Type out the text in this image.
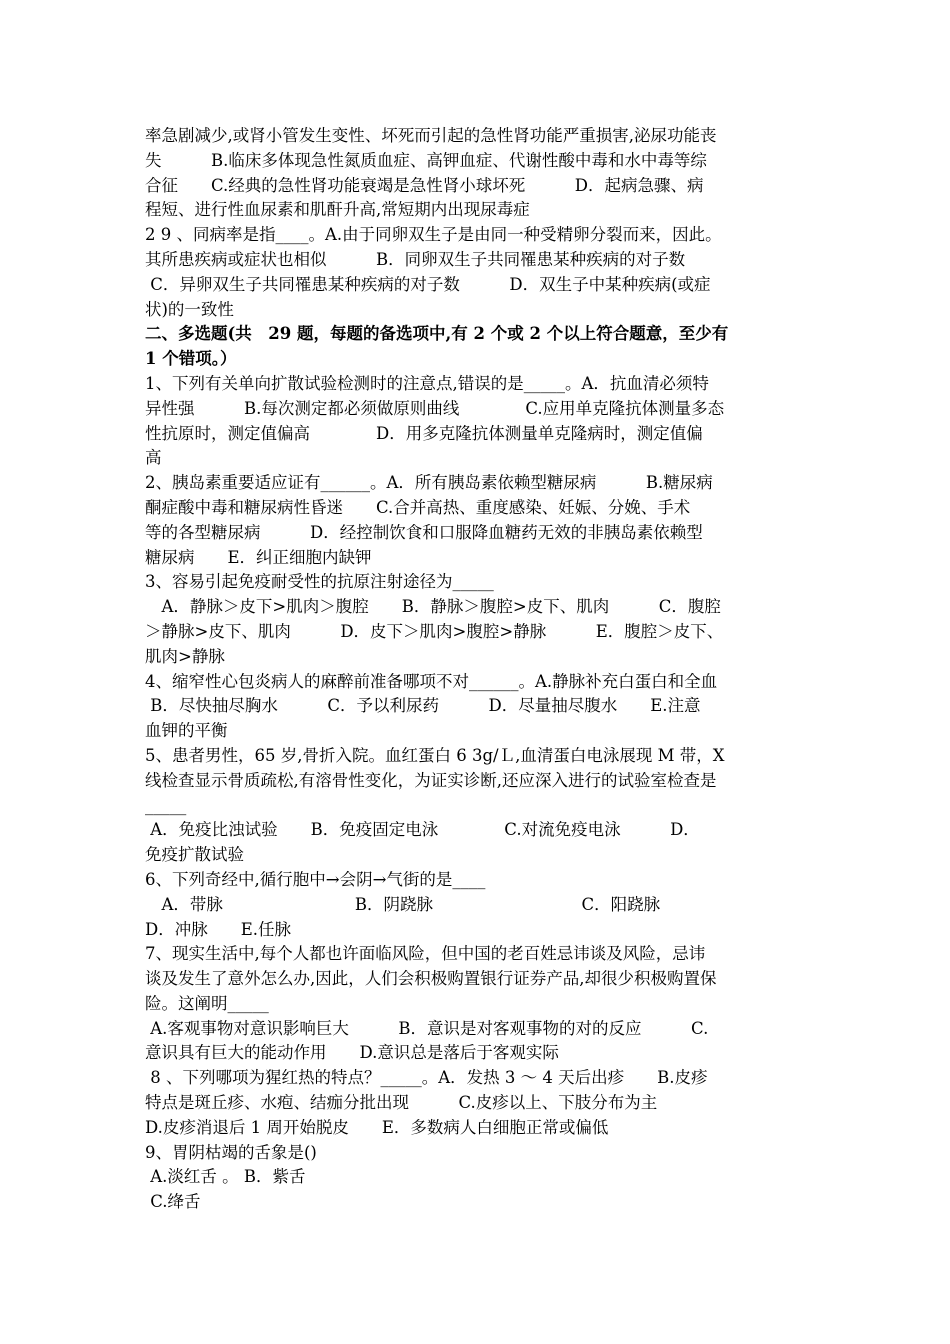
率急剧减少,或肾小管发生变性、坏死而引起的急性肾功能严重损害,泌尿功能丧
失　　　B.临床多体现急性氮质血症、高钾血症、代谢性酸中毒和水中毒等综
合征　　C.经典的急性肾功能衰竭是急性肾小球坏死　　　D．起病急骤、病
程短、进行性血尿素和肌酐升高,常短期内出现尿毒症
2 9 、同病率是指____。A.由于同卵双生子是由同一种受精卵分裂而来，因此。
其所患疾病或症状也相似　　　B．同卵双生子共同罹患某种疾病的对子数
C．异卵双生子共同罹患某种疾病的对子数　　　D．双生子中某种疾病(或症
状)的一致性
二、多选题(共　29 题，每题的备选项中,有 2 个或 2 个以上符合题意，至少有
1 个错项。）
1、下列有关单向扩散试验检测时的注意点,错误的是_____。A．抗血清必须特
异性强　　　B.每次测定都必须做原则曲线　　　　C.应用单克隆抗体测量多态
性抗原时，测定值偏高　　　　D．用多克隆抗体测量单克隆病时，测定值偏
高
2、胰岛素重要适应证有______。A．所有胰岛素依赖型糖尿病　　　B.糖尿病
酮症酸中毒和糖尿病性昏迷　　C.合并高热、重度感染、妊娠、分娩、手术
等的各型糖尿病　　　D．经控制饮食和口服降血糖药无效的非胰岛素依赖型
糖尿病　　E．纠正细胞内缺钾
3、容易引起免疫耐受性的抗原注射途径为_____
　A．静脉＞皮下>肌肉＞腹腔　　B．静脉＞腹腔>皮下、肌肉　　　C．腹腔
＞静脉>皮下、肌肉　　　D．皮下＞肌肉>腹腔>静脉　　　E．腹腔＞皮下、
肌肉>静脉
4、缩窄性心包炎病人的麻醉前准备哪项不对______。A.静脉补充白蛋白和全血
B．尽快抽尽胸水　　　C．予以利尿药　　　D．尽量抽尽腹水　　E.注意
血钾的平衡
5、患者男性，65 岁,骨折入院。血红蛋白 6 3g/Ｌ,血清蛋白电泳展现 M 带，X
线检查显示骨质疏松,有溶骨性变化，为证实诊断,还应深入进行的试验室检查是
_____
A．免疫比浊试验　　B．免疫固定电泳　　　　C.对流免疫电泳　　　D．
免疫扩散试验
6、下列奇经中,循行胞中→会阴→气街的是____
　A．带脉　　　　　　　　B．阴跷脉　　　　　　　　　C．阳跷脉
D．冲脉　　E.任脉
7、现实生活中,每个人都也许面临风险，但中国的老百姓忌讳谈及风险，忌讳
谈及发生了意外怎么办,因此，人们会积极购置银行证券产品,却很少积极购置保
险。这阐明_____
A.客观事物对意识影响巨大　　　B．意识是对客观事物的对的反应　　　C.
意识具有巨大的能动作用　　D.意识总是落后于客观实际
8 、下列哪项为猩红热的特点？_____。A．发热 3 ～ 4 天后出疹　　B.皮疹
特点是斑丘疹、水疱、结痂分批出现　　　C.皮疹以上、下肢分布为主
D.皮疹消退后 1 周开始脱皮　　E．多数病人白细胞正常或偏低
9、胃阴枯竭的舌象是()
A.淡红舌 。 B．紫舌
C.绛舌
